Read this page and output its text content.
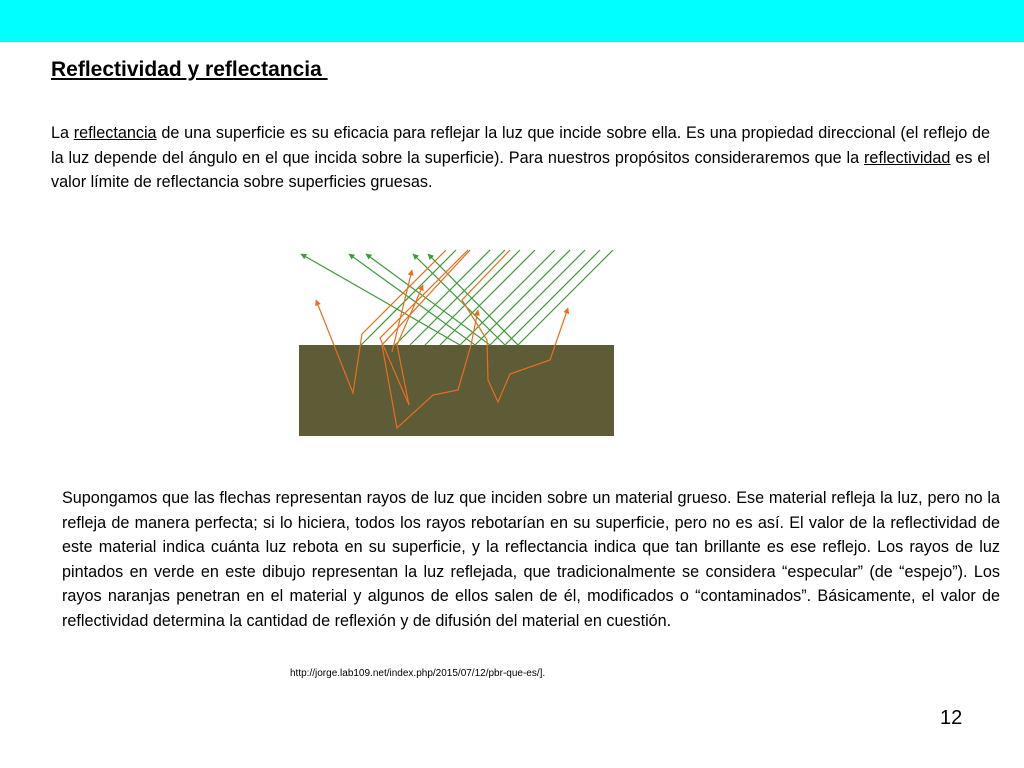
Reflectividad y reflectancia

La reflectancia de una superficie es su eficacia para reflejar la luz que incide sobre ella. Es una propiedad direccional (el reflejo de la luz depende del ángulo en el que incida sobre la superficie). Para nuestros propósitos consideraremos que la reflectividad es el valor límite de reflectancia sobre superficies gruesas.

Supongamos que las flechas representan rayos de luz que inciden sobre un material grueso. Ese material refleja la luz, pero no la refleja de manera perfecta; si lo hiciera, todos los rayos rebotarían en su superficie, pero no es así. El valor de la reflectividad de este material indica cuánta luz rebota en su superficie, y la reflectancia indica que tan brillante es ese reflejo. Los rayos de luz pintados en verde en este dibujo representan la luz reflejada, que tradicionalmente se considera “especular” (de “espejo”). Los rayos naranjas penetran en el material y algunos de ellos salen de él, modificados o “contaminados”. Básicamente, el valor de reflectividad determina la cantidad de reflexión y de difusión del material en cuestión.

http://jorge.lab109.net/index.php/2015/07/12/pbr-que-es/].

12
